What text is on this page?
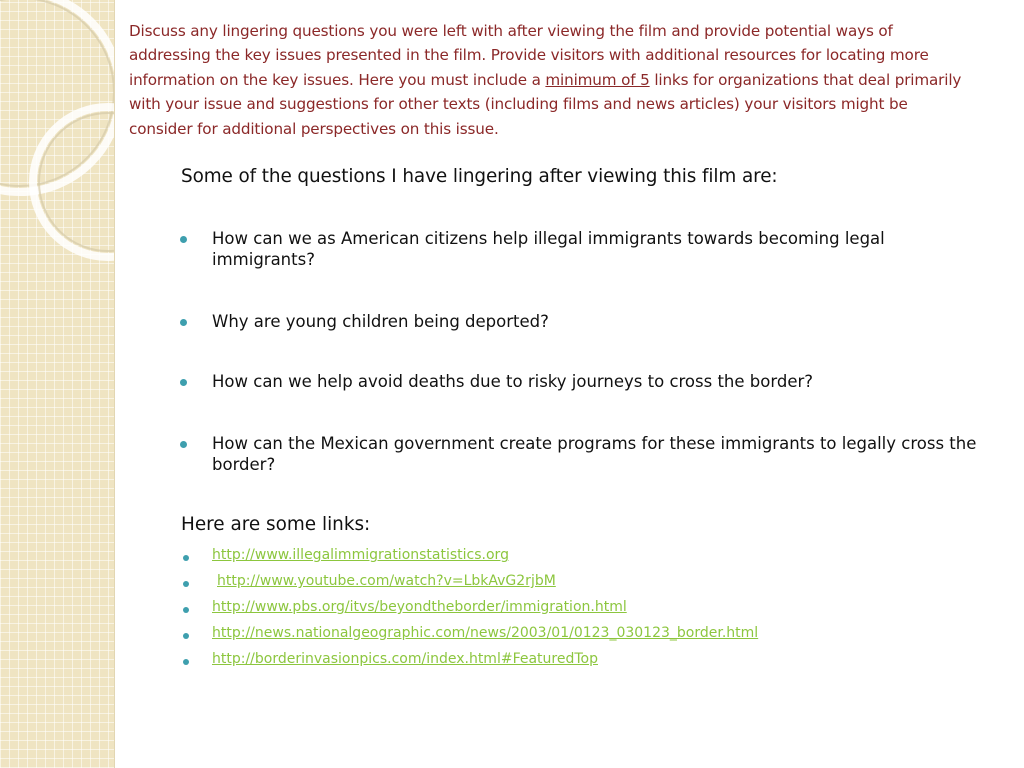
Discuss any lingering questions you were left with after viewing the film and provide potential ways of addressing the key issues presented in the film. Provide visitors with additional resources for locating more information on the key issues. Here you must include a minimum of 5 links for organizations that deal primarily with your issue and suggestions for other texts (including films and news articles) your visitors might be consider for additional perspectives on this issue.
Some of the questions I have lingering after viewing this film are:
How can we as American citizens help illegal immigrants towards becoming legal immigrants?
Why are young children being deported?
How can we help avoid deaths due to risky journeys to cross the border?
How can the Mexican government create programs for these immigrants to legally cross the border?
Here are some links:
http://www.illegalimmigrationstatistics.org
http://www.youtube.com/watch?v=LbkAvG2rjbM
http://www.pbs.org/itvs/beyondtheborder/immigration.html
http://news.nationalgeographic.com/news/2003/01/0123_030123_border.html
http://borderinvasionpics.com/index.html#FeaturedTop
